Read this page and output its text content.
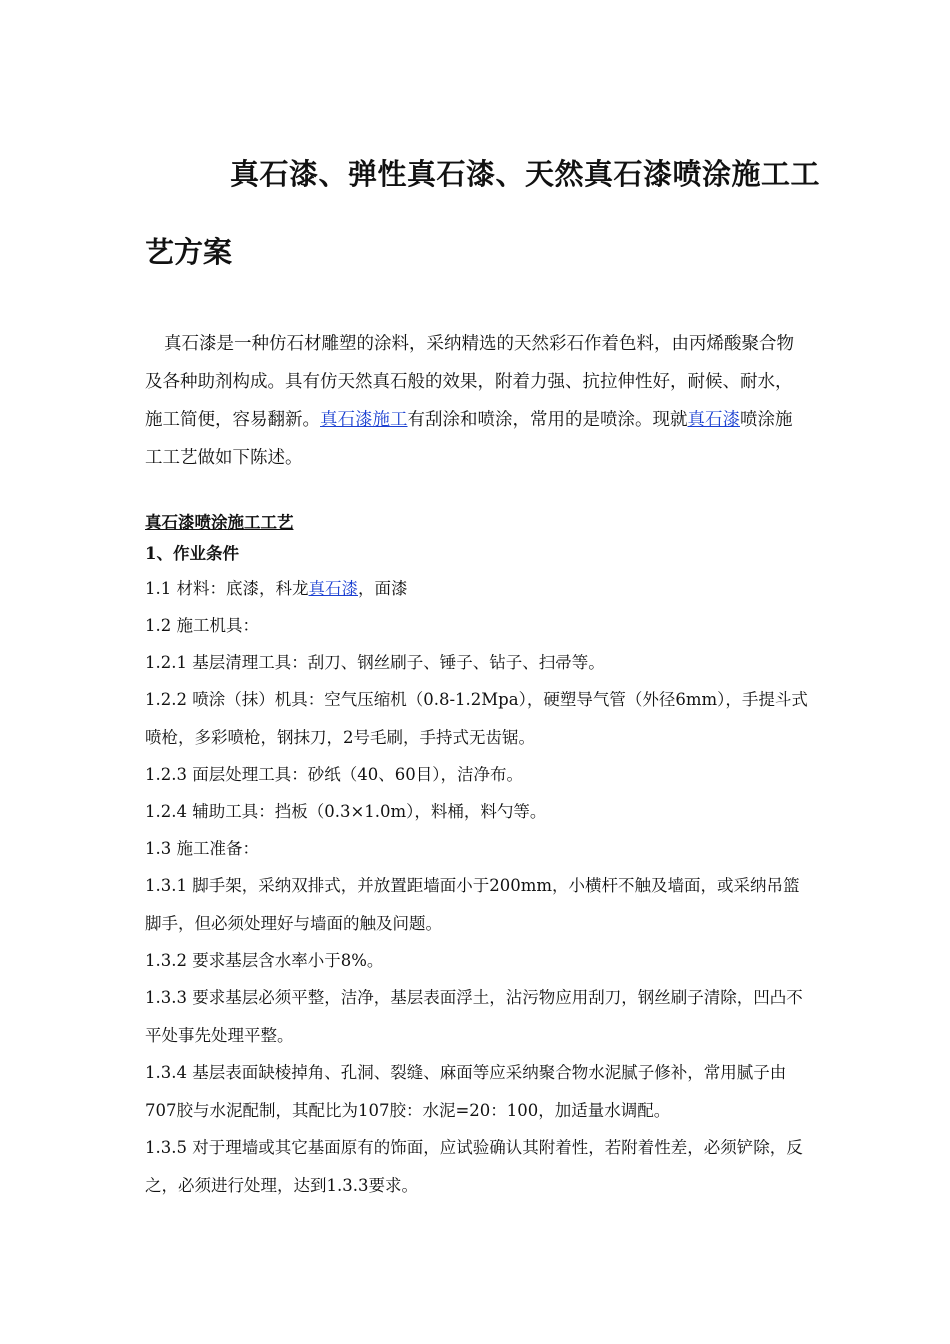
真石漆、弹性真石漆、天然真石漆喷涂施工工
艺方案

真石漆是一种仿石材雕塑的涂料，采纳精选的天然彩石作着色料，由丙烯酸聚合物及各种助剂构成。具有仿天然真石般的效果，附着力强、抗拉伸性好，耐候、耐水，施工简便，容易翻新。真石漆施工有刮涂和喷涂，常用的是喷涂。现就真石漆喷涂施工工艺做如下陈述。

真石漆喷涂施工工艺

1、作业条件

1.1 材料：底漆，科龙真石漆，面漆

1.2 施工机具：

1.2.1 基层清理工具：刮刀、钢丝刷子、锤子、钻子、扫帚等。

1.2.2 喷涂（抹）机具：空气压缩机（0.8-1.2Mpa），硬塑导气管（外径6mm），手提斗式喷枪，多彩喷枪，钢抹刀，2号毛刷，手持式无齿锯。

1.2.3 面层处理工具：砂纸（40、60目），洁净布。

1.2.4 辅助工具：挡板（0.3×1.0m），料桶，料勺等。

1.3 施工准备：

1.3.1 脚手架，采纳双排式，并放置距墙面小于200mm，小横杆不触及墙面，或采纳吊篮脚手，但必须处理好与墙面的触及问题。

1.3.2 要求基层含水率小于8%。

1.3.3 要求基层必须平整，洁净，基层表面浮土，沾污物应用刮刀，钢丝刷子清除，凹凸不平处事先处理平整。

1.3.4 基层表面缺棱掉角、孔洞、裂缝、麻面等应采纳聚合物水泥腻子修补，常用腻子由707胶与水泥配制，其配比为107胶：水泥=20：100，加适量水调配。

1.3.5 对于理墙或其它基面原有的饰面，应试验确认其附着性，若附着性差，必须铲除，反之，必须进行处理，达到1.3.3要求。
